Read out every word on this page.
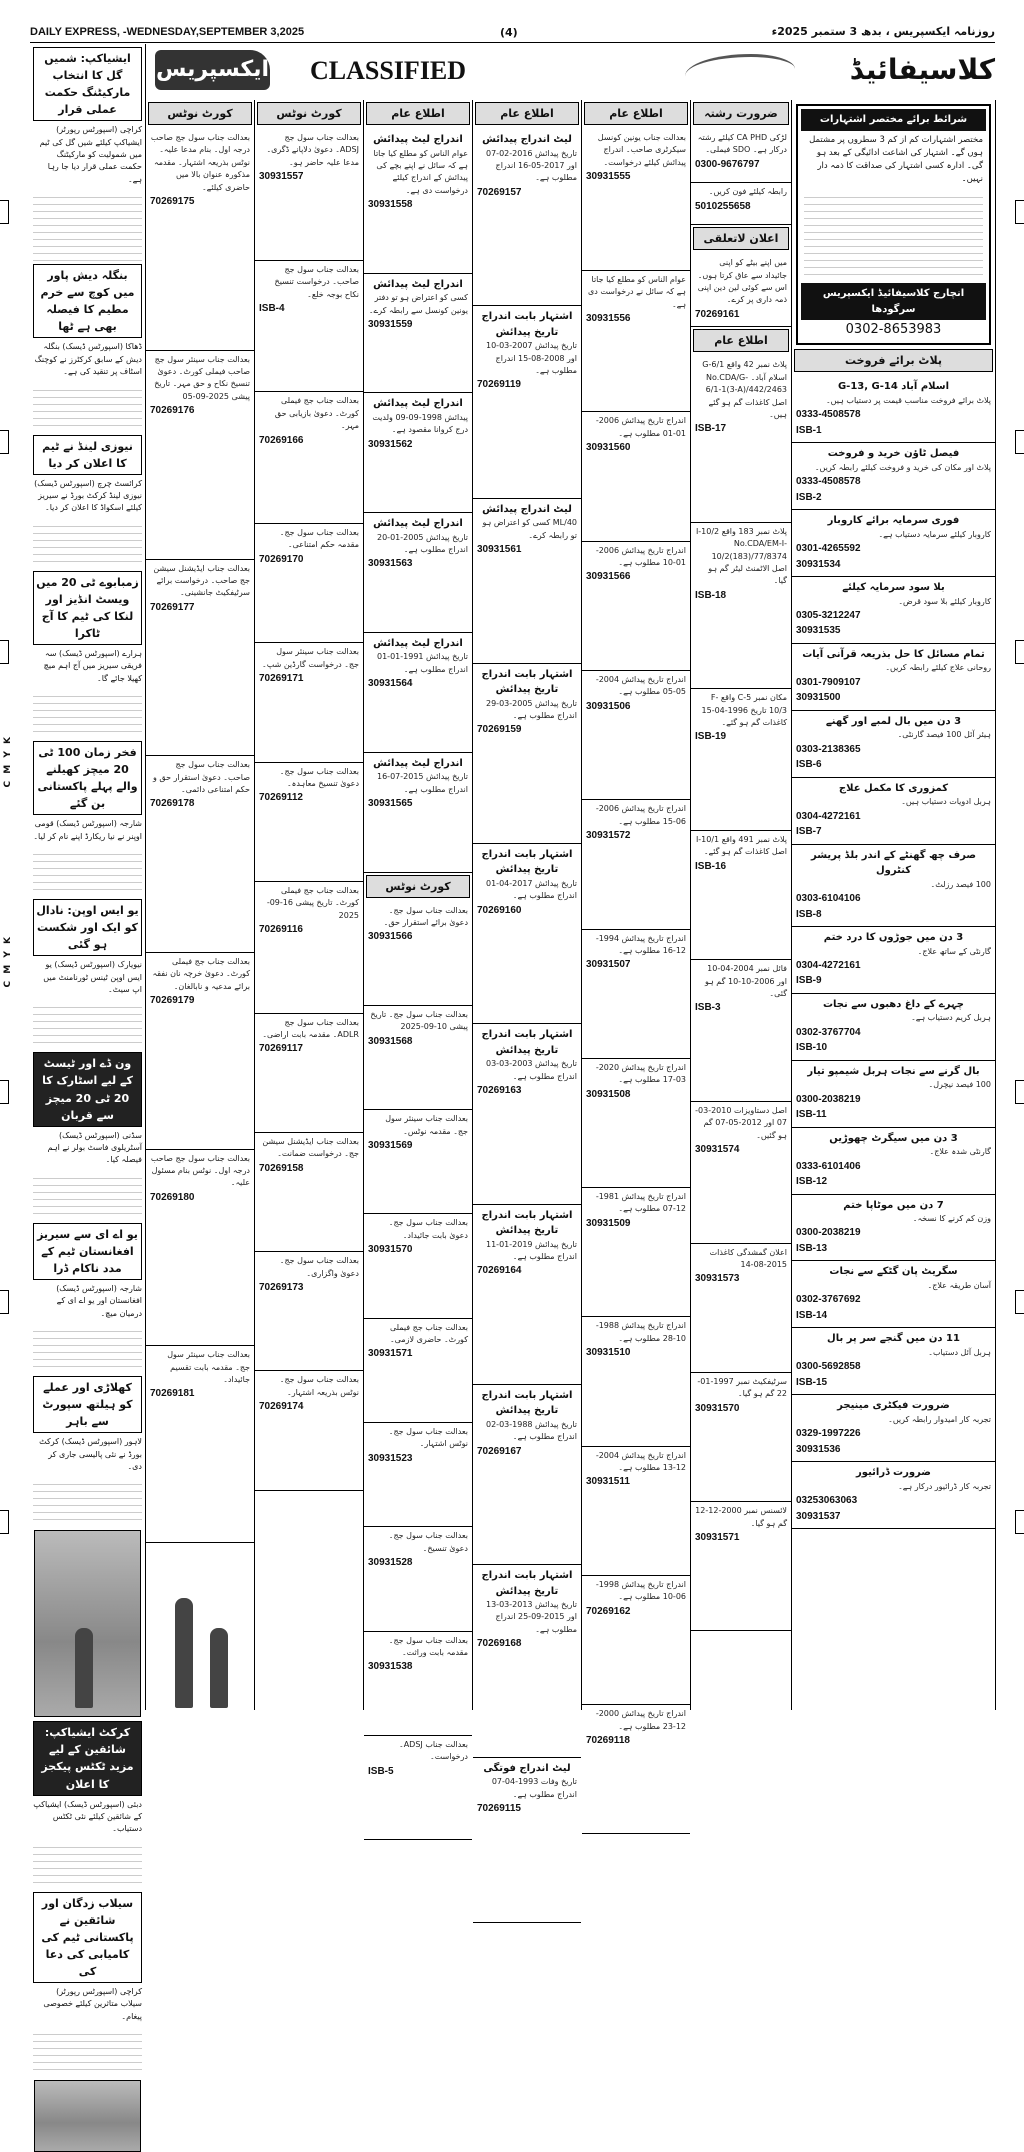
DAILY EXPRESS, -WEDNESDAY,SEPTEMBER 3,2025	(4)	روزنامہ ایکسپریس ، بدھ 3 ستمبر 2025ء
C M Y K
C M Y K
ایکسپریس CLASSIFIED	کلاسیفائیڈ
ایشیاکپ: شمیں گل کا انتخاب مارکیٹنگ حکمت عملی قرار
کراچی (اسپورٹس رپورٹر) ایشیاکپ کیلئے شیں گل کی ٹیم میں شمولیت کو مارکیٹنگ حکمت عملی قرار دیا جا رہا ہے۔
بنگلہ دیش پاور میں کوچ سے خرم مطیم کا فیصلہ بھی ہے ٹھا
ڈھاکا (اسپورٹس ڈیسک) بنگلہ دیش کے سابق کرکٹرز نے کوچنگ اسٹاف پر تنقید کی ہے۔
نیوزی لینڈ نے ٹیم کا اعلان کر دیا
کرائسٹ چرچ (اسپورٹس ڈیسک) نیوزی لینڈ کرکٹ بورڈ نے سیریز کیلئے اسکواڈ کا اعلان کر دیا۔
زمبابوے ٹی 20 میں ویسٹ انڈیز اور لنکا کی ٹیم کا آج ٹاکرا
ہرارے (اسپورٹس ڈیسک) سہ فریقی سیریز میں آج اہم میچ کھیلا جائے گا۔
فخر زمان 100 ٹی 20 میچز کھیلنے والے پہلے پاکستانی بن گئے
شارجہ (اسپورٹس ڈیسک) قومی اوپنر نے نیا ریکارڈ اپنے نام کر لیا۔
یو ایس اوپن: نادال کو ایک اور شکست ہو گئی
نیویارک (اسپورٹس ڈیسک) یو ایس اوپن ٹینس ٹورنامنٹ میں اپ سیٹ۔
ون ڈے اور ٹیسٹ کے لیے اسٹارک کا 20 ٹی 20 میچز سے قربان
سڈنی (اسپورٹس ڈیسک) آسٹریلوی فاسٹ بولر نے اہم فیصلہ کیا۔
یو اے ای سے سیریز افغانستان ٹیم کے مدد ناکام ڈرا
شارجہ (اسپورٹس ڈیسک) افغانستان اور یو اے ای کے درمیان میچ۔
کھلاڑی اور عملے کو ہیلتھ سپورٹ سے باہر
لاہور (اسپورٹس ڈیسک) کرکٹ بورڈ نے نئی پالیسی جاری کر دی۔
کرکٹ ایشیاکپ: شائقین کے لیے مزید ٹکٹس پیکجز کا اعلان
دبئی (اسپورٹس ڈیسک) ایشیاکپ کے شائقین کیلئے نئی ٹکٹس دستیاب۔
سیلاب زدگان اور شائقین نے پاکستانی ٹیم کی کامیابی کی دعا کی
کراچی (اسپورٹس رپورٹر) سیلاب متاثرین کیلئے خصوصی پیغام۔
کورٹ نوٹس
بعدالت جناب سول جج صاحب درجہ اول۔ بنام مدعا علیہ۔ نوٹس بذریعہ اشتہار۔ مقدمہ مذکورہ عنوان بالا میں حاضری کیلئے۔
70269175
بعدالت جناب سینئر سول جج صاحب فیملی کورٹ۔ دعویٰ تنسیخ نکاح و حق مہر۔ تاریخ پیشی 2025-09-05
70269176
بعدالت جناب ایڈیشنل سیشن جج صاحب۔ درخواست برائے سرٹیفکیٹ جانشینی۔
70269177
بعدالت جناب سول جج صاحب۔ دعویٰ استقرار حق و حکم امتناعی دائمی۔
70269178
بعدالت جناب جج فیملی کورٹ۔ دعویٰ خرچہ نان نفقہ برائے مدعیہ و نابالغان۔
70269179
بعدالت جناب سول جج صاحب درجہ اول۔ نوٹس بنام مسئول علیہ۔
70269180
بعدالت جناب سینئر سول جج۔ مقدمہ بابت تقسیم جائیداد۔
70269181
کورٹ نوٹس
بعدالت جناب سول جج ADSJ۔ دعویٰ دلاپانے ڈگری۔ مدعا علیہ حاضر ہو۔
30931557
بعدالت جناب سول جج صاحب۔ درخواست تنسیخ نکاح بوجہ خلع۔
ISB-4
بعدالت جناب جج فیملی کورٹ۔ دعویٰ بازیابی حق مہر۔
70269166
بعدالت جناب سول جج۔ مقدمہ حکم امتناعی۔
70269170
بعدالت جناب سینئر سول جج۔ درخواست گارڈین شپ۔
70269171
بعدالت جناب سول جج۔ دعویٰ تنسیخ معاہدہ۔
70269112
بعدالت جناب جج فیملی کورٹ۔ تاریخ پیشی 16-09-2025
70269116
بعدالت جناب سول جج ADLR۔ مقدمہ بابت اراضی۔
70269117
بعدالت جناب ایڈیشنل سیشن جج۔ درخواست ضمانت۔
70269158
بعدالت جناب سول جج۔ دعویٰ واگزاری۔
70269173
بعدالت جناب سول جج۔ نوٹس بذریعہ اشتہار۔
70269174
اطلاع عام
اندراج لیٹ پیدائش
عوام الناس کو مطلع کیا جاتا ہے کہ سائل نے اپنے بچے کی پیدائش کے اندراج کیلئے درخواست دی ہے۔
30931558
اندراج لیٹ پیدائش
کسی کو اعتراض ہو تو دفتر یونین کونسل سے رابطہ کرے۔
30931559
اندراج لیٹ پیدائش
پیدائش 1998-09-09 ولدیت درج کروانا مقصود ہے۔
30931562
اندراج لیٹ پیدائش
تاریخ پیدائش 2005-01-20 اندراج مطلوب ہے۔
30931563
اندراج لیٹ پیدائش
تاریخ پیدائش 1991-01-01 اندراج مطلوب ہے۔
30931564
اندراج لیٹ پیدائش
تاریخ پیدائش 2015-07-16 اندراج مطلوب ہے۔
30931565
کورٹ نوٹس
بعدالت جناب سول جج۔ دعویٰ برائے استقرار حق۔
30931566
بعدالت جناب سول جج۔ تاریخ پیشی 10-09-2025
30931568
بعدالت جناب سینئر سول جج۔ مقدمہ نوٹس۔
30931569
بعدالت جناب سول جج۔ دعویٰ بابت جائیداد۔
30931570
بعدالت جناب جج فیملی کورٹ۔ حاضری لازمی۔
30931571
بعدالت جناب سول جج۔ نوٹس اشتہار۔
30931523
بعدالت جناب سول جج۔ دعویٰ تنسیخ۔
30931528
بعدالت جناب سول جج۔ مقدمہ بابت وراثت۔
30931538
بعدالت جناب ADSJ۔ درخواست۔
ISB-5
اطلاع عام
لیٹ اندراج پیدائش
تاریخ پیدائش 2016-02-07 اور 2017-05-16 اندراج مطلوب ہے۔
70269157
اشتہار بابت اندراج تاریخ پیدائش
تاریخ پیدائش 2007-03-10 اور 2008-08-15 اندراج مطلوب ہے۔
70269119
لیٹ اندراج پیدائش
ML/40 کسی کو اعتراض ہو تو رابطہ کرے۔
30931561
اشتہار بابت اندراج تاریخ پیدائش
تاریخ پیدائش 2005-03-29 اندراج مطلوب ہے۔
70269159
اشتہار بابت اندراج تاریخ پیدائش
تاریخ پیدائش 2017-04-01 اندراج مطلوب ہے۔
70269160
اشتہار بابت اندراج تاریخ پیدائش
تاریخ پیدائش 2003-03-03 اندراج مطلوب ہے۔
70269163
اشتہار بابت اندراج تاریخ پیدائش
تاریخ پیدائش 2019-01-11 اندراج مطلوب ہے۔
70269164
اشتہار بابت اندراج تاریخ پیدائش
تاریخ پیدائش 1988-03-02 اندراج مطلوب ہے۔
70269167
اشتہار بابت اندراج تاریخ پیدائش
تاریخ پیدائش 2013-03-13 اور 2015-09-25 اندراج مطلوب ہے۔
70269168
لیٹ اندراج فوتگی
تاریخ وفات 1993-04-07 اندراج مطلوب ہے۔
70269115
اطلاع عام
بعدالت جناب یونین کونسل سیکرٹری صاحب۔ اندراج پیدائش کیلئے درخواست۔
30931555
عوام الناس کو مطلع کیا جاتا ہے کہ سائل نے درخواست دی ہے۔
30931556
اندراج تاریخ پیدائش 2006-01-01 مطلوب ہے۔
30931560
اندراج تاریخ پیدائش 2006-01-10 مطلوب ہے۔
30931566
اندراج تاریخ پیدائش 2004-05-05 مطلوب ہے۔
30931506
اندراج تاریخ پیدائش 2006-06-15 مطلوب ہے۔
30931572
اندراج تاریخ پیدائش 1994-12-16 مطلوب ہے۔
30931507
اندراج تاریخ پیدائش 2020-03-17 مطلوب ہے۔
30931508
اندراج تاریخ پیدائش 1981-12-07 مطلوب ہے۔
30931509
اندراج تاریخ پیدائش 1988-10-28 مطلوب ہے۔
30931510
اندراج تاریخ پیدائش 2004-12-13 مطلوب ہے۔
30931511
اندراج تاریخ پیدائش 1998-06-10 مطلوب ہے۔
70269162
اندراج تاریخ پیدائش 2000-12-23 مطلوب ہے۔
70269118
ضرورت رشتہ
لڑکی CA PHD کیلئے رشتہ درکار ہے۔ SDO فیملی۔
0300-9676797
رابطہ کیلئے فون کریں۔
5010255658
اعلان لاتعلقی
میں اپنے بیٹے کو اپنی جائیداد سے عاق کرتا ہوں۔ اس سے کوئی لین دین اپنی ذمہ داری پر کرے۔
70269161
اطلاع عام
پلاٹ نمبر 42 واقع G-6/1 اسلام آباد۔ No.CDA/G-6/1-1(3-A)/442/2463 اصل کاغذات گم ہو گئے ہیں۔
ISB-17
پلاٹ نمبر 183 واقع I-10/2 No.CDA/EM-I-10/2(183)/77/8374 اصل الاٹمنٹ لیٹر گم ہو گیا۔
ISB-18
مکان نمبر 5-C واقع F-10/3 تاریخ 1996-04-15 کاغذات گم ہو گئے۔
ISB-19
پلاٹ نمبر 491 واقع I-10/1 اصل کاغذات گم ہو گئے۔
ISB-16
فائل نمبر 2004-04-10 اور 2006-10-10 گم ہو گئی۔
ISB-3
اصل دستاویزات 2010-03-07 اور 2012-05-07 گم ہو گئیں۔
30931574
اعلان گمشدگی کاغذات 2015-08-14
30931573
سرٹیفکیٹ نمبر 1997-01-22 گم ہو گیا۔
30931570
لائسنس نمبر 2000-12-12 گم ہو گیا۔
30931571
شرائط برائے مختصر اشتہارات
مختصر اشتہارات کم از کم 3 سطروں پر مشتمل ہوں گے۔ اشتہار کی اشاعت ادائیگی کے بعد ہو گی۔ ادارہ کسی اشتہار کی صداقت کا ذمہ دار نہیں۔
انچارج کلاسیفائیڈ ایکسپریس سرگودھا
0302-8653983
پلاٹ برائے فروخت
اسلام آباد G-13, G-14
پلاٹ برائے فروخت مناسب قیمت پر دستیاب ہیں۔
0333-4508578
ISB-1
فیصل ٹاؤن خرید و فروخت
پلاٹ اور مکان کی خرید و فروخت کیلئے رابطہ کریں۔
0333-4508578
ISB-2
فوری سرمایہ برائے کاروبار
کاروبار کیلئے سرمایہ دستیاب ہے۔
0301-4265592
30931534
بلا سود سرمایہ کیلئے
کاروبار کیلئے بلا سود قرض۔
0305-3212247
30931535
تمام مسائل کا حل بذریعہ قرآنی آیات
روحانی علاج کیلئے رابطہ کریں۔
0301-7909107
30931500
3 دن میں بال لمبے اور گھنے
ہیئر آئل 100 فیصد گارنٹی۔
0303-2138365
ISB-6
کمزوری کا مکمل علاج
ہربل ادویات دستیاب ہیں۔
0304-4272161
ISB-7
صرف چھ گھنٹے کے اندر بلڈ پریشر کنٹرول
100 فیصد رزلٹ۔
0303-6104106
ISB-8
3 دن میں جوڑوں کا درد ختم
گارنٹی کے ساتھ علاج۔
0304-4272161
ISB-9
چہرے کے داغ دھبوں سے نجات
ہربل کریم دستیاب ہے۔
0302-3767704
ISB-10
بال گرنے سے نجات ہربل شیمپو تیار
100 فیصد نیچرل۔
0300-2038219
ISB-11
3 دن میں سیگرٹ چھوڑیں
گارنٹی شدہ علاج۔
0333-6101406
ISB-12
7 دن میں موٹاپا ختم
وزن کم کرنے کا نسخہ۔
0300-2038219
ISB-13
سگریٹ پان گٹکے سے نجات
آسان طریقہ علاج۔
0302-3767692
ISB-14
11 دن میں گنجے سر پر بال
ہربل آئل دستیاب۔
0300-5692858
ISB-15
ضرورت فیکٹری مینیجر
تجربہ کار امیدوار رابطہ کریں۔
0329-1997226
30931536
ضرورت ڈرائیور
تجربہ کار ڈرائیور درکار ہے۔
03253063063
30931537
